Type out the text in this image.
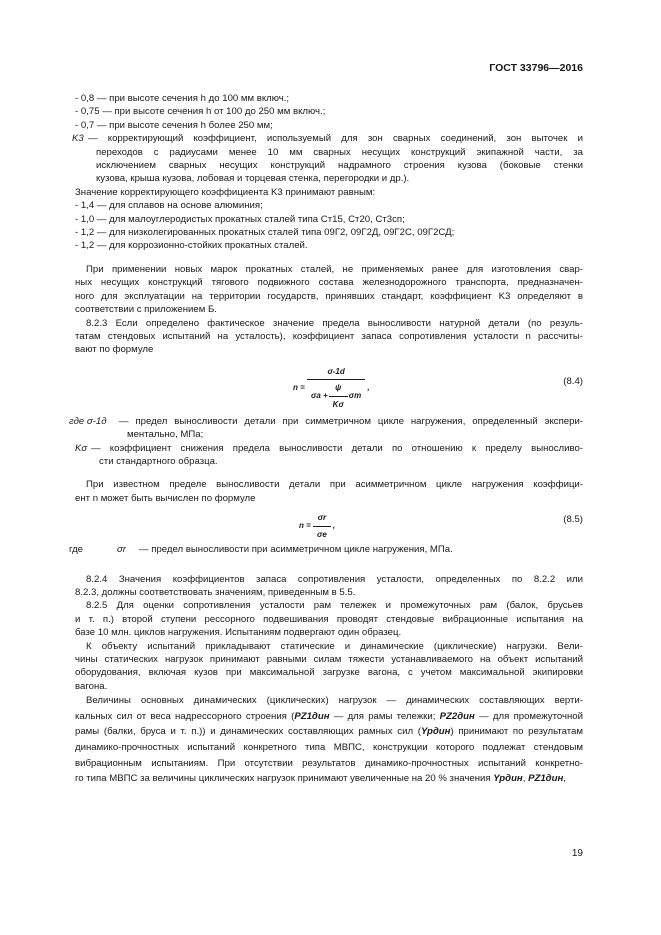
ГОСТ 33796—2016
- 0,8 — при высоте сечения h до 100 мм включ.;
- 0,75 — при высоте сечения h от 100 до 250 мм включ.;
- 0,7 — при высоте сечения h более 250 мм;
K3 — корректирующий коэффициент, используемый для зон сварных соединений, зон выточек и
переходов с радиусами менее 10 мм сварных несущих конструкций экипажной части, за
исключением сварных несущих конструкций надрамного строения кузова (боковые стенки
кузова, крыша кузова, лобовая и торцевая стенка, перегородки и др.).
Значение корректирующего коэффициента K3 принимают равным:
- 1,4 — для сплавов на основе алюминия;
- 1,0 — для малоуглеродистых прокатных сталей типа Ст15, Ст20, Ст3сп;
- 1,2 — для низколегированных прокатных сталей типа 09Г2, 09Г2Д, 09Г2С, 09Г2СД;
- 1,2 — для коррозионно-стойких прокатных сталей.
При применении новых марок прокатных сталей, не применяемых ранее для изготовления свар-
ных несущих конструкций тягового подвижного состава железнодорожного транспорта, предназначен-
ного для эксплуатации на территории государств, принявших стандарт, коэффициент K3 определяют в
соответствии с приложением Б.
8.2.3 Если определено фактическое значение предела выносливости натурной детали (по резуль-
татам стендовых испытаний на усталость), коэффициент запаса сопротивления усталости n рассчиты-
вают по формуле
n =
σ-1d
$\sigma a + \frac{\psi}{K\sigma}$ σm
,
(8.4)
где σ-1д	— предел выносливости детали при симметричном цикле нагружения, определенный экспери-
ментально, МПа;
Kσ — коэффициент снижения предела выносливости детали по отношению к пределу выносливо-
сти стандартного образца.
При известном пределе выносливости детали при асимметричном цикле нагружения коэффици-
ент n может быть вычислен по формуле
$n = \frac{\sigma r}{\sigma e}$ ,
(8.5)
где	σr	— предел выносливости при асимметричном цикле нагружения, МПа.
8.2.4 Значения коэффициентов запаса сопротивления усталости, определенных по 8.2.2 или
8.2.3, должны соответствовать значениям, приведенным в 5.5.
8.2.5 Для оценки сопротивления усталости рам тележек и промежуточных рам (балок, брусьев
и т. п.) второй ступени рессорного подвешивания проводят стендовые вибрационные испытания на
базе 10 млн. циклов нагружения. Испытаниям подвергают один образец.
К объекту испытаний прикладывают статические и динамические (циклические) нагрузки. Вели-
чины статических нагрузок принимают равными силам тяжести устанавливаемого на объект испытаний
оборудования, включая кузов при максимальной загрузке вагона, с учетом максимальной экипировки
вагона.
Величины основных динамических (циклических) нагрузок — динамических составляющих верти-
кальных сил от веса надрессорного строения (PZ1дин — для рамы тележки; PZ2дин — для промежуточной
рамы (балки, бруса и т. п.)) и динамических составляющих рамных сил (Ypдин) принимают по результатам
динамико-прочностных испытаний конкретного типа МВПС, конструкции которого подлежат стендовым
вибрационным испытаниям. При отсутствии результатов динамико-прочностных испытаний конкретно-
го типа МВПС за величины циклических нагрузок принимают увеличенные на 20 % значения Ypдин, PZ1дин,
19
